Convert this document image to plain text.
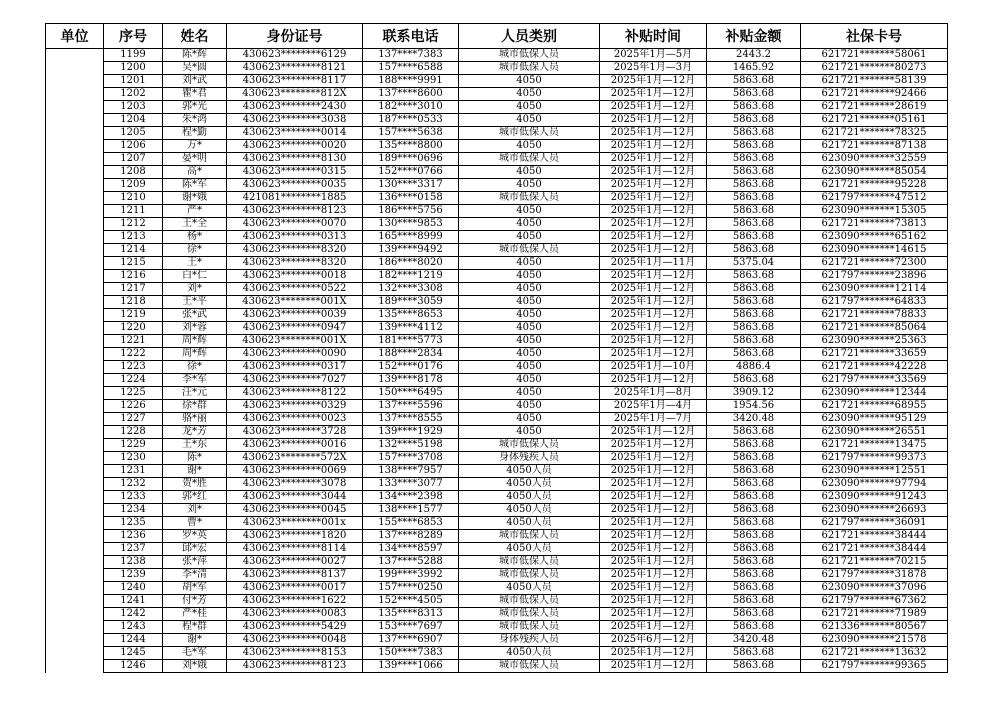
单位	序号	姓名	身份证号	联系电话	人员类别	补贴时间	补贴金额	社保卡号
	1199	陈*辉	430623********6129	137****7383	城市低保人员	2025年1月—5月	2443.2	621721*******58061
	1200	吴*圆	430623********8121	157****6588	城市低保人员	2025年1月—3月	1465.92	621721*******80273
	1201	刘*武	430623********8117	188****9991	4050	2025年1月—12月	5863.68	621721*******58139
	1202	瞿*君	430623********812X	137****8600	4050	2025年1月—12月	5863.68	621721*******92466
	1203	郭*光	430623********2430	182****3010	4050	2025年1月—12月	5863.68	621721*******28619
	1204	朱*鸿	430623********3038	187****0533	4050	2025年1月—12月	5863.68	621721*******05161
	1205	程*勤	430623********0014	157****5638	城市低保人员	2025年1月—12月	5863.68	621721*******78325
	1206	万*	430623********0020	135****8800	4050	2025年1月—12月	5863.68	621721*******87138
	1207	晏*明	430623********8130	189****0696	城市低保人员	2025年1月—12月	5863.68	623090*******32559
	1208	高*	430623********0315	152****0766	4050	2025年1月—12月	5863.68	623090*******85054
	1209	陈*军	430623********0035	130****3317	4050	2025年1月—12月	5863.68	621721*******95228
	1210	谢*娥	421081********1885	136****0158	城市低保人员	2025年1月—12月	5863.68	621797*******47512
	1211	严*	430623********8123	186****5756	4050	2025年1月—12月	5863.68	623090*******15305
	1212	王*全	430623********0070	130****9853	4050	2025年1月—12月	5863.68	621721*******73813
	1213	杨*	430623********0313	165****8999	4050	2025年1月—12月	5863.68	623090*******65162
	1214	徐*	430623********8320	139****9492	城市低保人员	2025年1月—12月	5863.68	623090*******14615
	1215	王*	430623********8320	186****8020	4050	2025年1月—11月	5375.04	621721*******72300
	1216	白*仁	430623********0018	182****1219	4050	2025年1月—12月	5863.68	621797*******23896
	1217	刘*	430623********0522	132****3308	4050	2025年1月—12月	5863.68	623090*******12114
	1218	王*平	430623********001X	189****3059	4050	2025年1月—12月	5863.68	621797*******64833
	1219	张*武	430623********0039	135****8653	4050	2025年1月—12月	5863.68	621721*******78833
	1220	刘*蓉	430623********0947	139****4112	4050	2025年1月—12月	5863.68	621721*******85064
	1221	周*辉	430623********001X	181****5773	4050	2025年1月—12月	5863.68	623090*******25363
	1222	周*辉	430623********0090	188****2834	4050	2025年1月—12月	5863.68	621721*******33659
	1223	徐*	430623********0317	152****0176	4050	2025年1月—10月	4886.4	621721*******42228
	1224	李*军	430623********7027	139****8178	4050	2025年1月—12月	5863.68	621797*******33569
	1225	汪*元	430623********8122	150****6495	4050	2025年1月—8月	3909.12	623090*******12344
	1226	徐*群	430623********0329	137****5596	4050	2025年1月—4月	1954.56	621721*******68955
	1227	骆*丽	430623********0023	137****8555	4050	2025年1月—7月	3420.48	623090*******95129
	1228	龙*芳	430623********3728	139****1929	4050	2025年1月—12月	5863.68	623090*******26551
	1229	王*东	430623********0016	132****5198	城市低保人员	2025年1月—12月	5863.68	621721*******13475
	1230	陈*	430623********572X	157****3708	身体残疾人员	2025年1月—12月	5863.68	621797*******99373
	1231	谢*	430623********0069	138****7957	4050人员	2025年1月—12月	5863.68	623090*******12551
	1232	贺*胜	430623********3078	133****3077	4050人员	2025年1月—12月	5863.68	623090*******97794
	1233	郭*红	430623********3044	134****2398	4050人员	2025年1月—12月	5863.68	623090*******91243
	1234	刘*	430623********0045	138****1577	4050人员	2025年1月—12月	5863.68	623090*******26693
	1235	曹*	430623********001x	155****6853	4050人员	2025年1月—12月	5863.68	621797*******36091
	1236	罗*英	430623********1820	137****8289	城市低保人员	2025年1月—12月	5863.68	621721*******38444
	1237	邱*宏	430623********8114	134****8597	4050人员	2025年1月—12月	5863.68	621721*******38444
	1238	张*萍	430623********0027	137****5288	城市低保人员	2025年1月—12月	5863.68	621721*******70215
	1239	李*清	430623********8137	199****3992	城市低保人员	2025年1月—12月	5863.68	621797*******31878
	1240	胡*军	430623********0017	157****0250	4050人员	2025年1月—12月	5863.68	623090*******37096
	1241	付*芳	430623********1622	152****4505	城市低保人员	2025年1月—12月	5863.68	621797*******67362
	1242	严*桂	430623********0083	135****8313	城市低保人员	2025年1月—12月	5863.68	621721*******71989
	1243	程*群	430623********5429	153****7697	城市低保人员	2025年1月—12月	5863.68	621336*******80567
	1244	谢*	430623********0048	137****6907	身体残疾人员	2025年6月—12月	3420.48	623090*******21578
	1245	毛*军	430623********8153	150****7383	4050人员	2025年1月—12月	5863.68	621721*******13632
	1246	刘*娥	430623********8123	139****1066	城市低保人员	2025年1月—12月	5863.68	621797*******99365
